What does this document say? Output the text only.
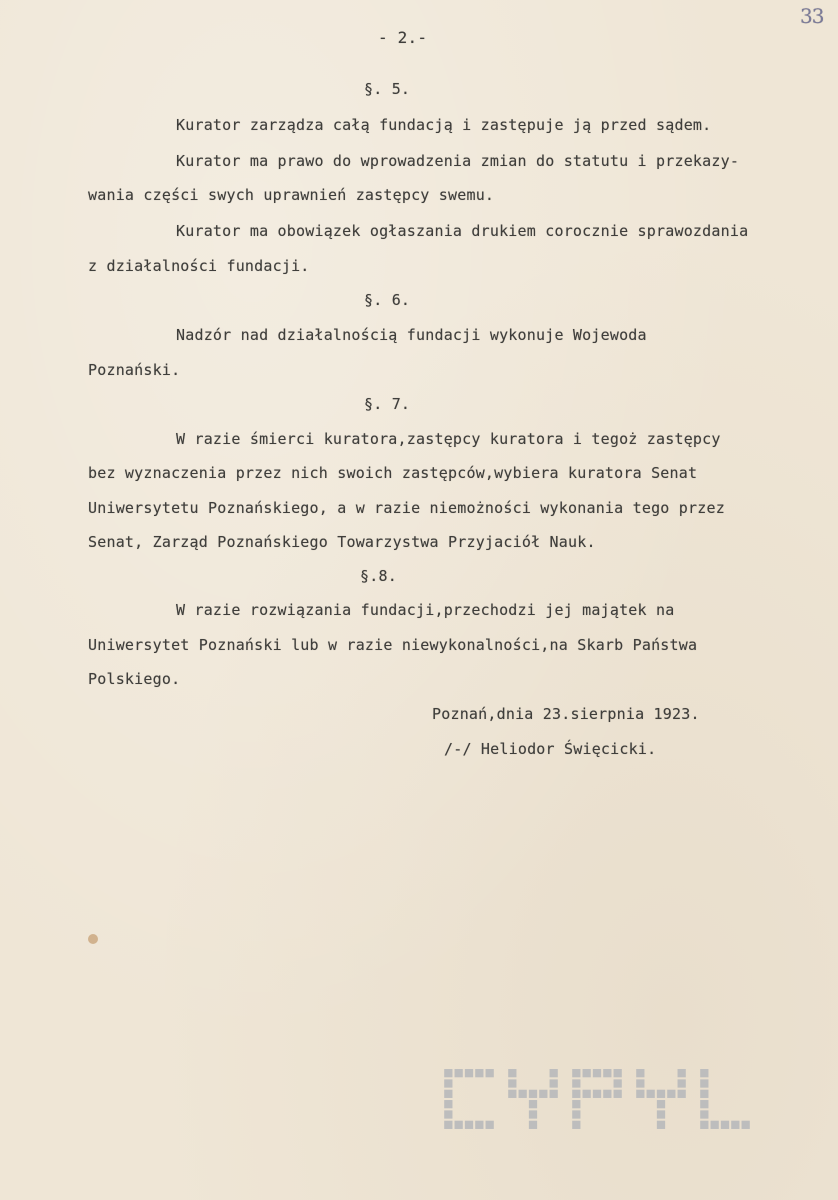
33
- 2.-
§. 5.
Kurator zarządza całą fundacją i zastępuje ją przed sądem.
Kurator ma prawo do wprowadzenia zmian do statutu i przekazy-
wania części swych uprawnień zastępcy swemu.
Kurator ma obowiązek ogłaszania drukiem corocznie sprawozdania
z działalności fundacji.
§. 6.
Nadzór nad działalnością fundacji wykonuje Wojewoda
Poznański.
§. 7.
W razie śmierci kuratora,zastępcy kuratora i tegoż zastępcy
bez wyznaczenia przez nich swoich zastępców,wybiera kuratora Senat
Uniwersytetu Poznańskiego, a w razie niemożności wykonania tego przez
Senat, Zarząd Poznańskiego Towarzystwa Przyjaciół Nauk.
§.8.
W razie rozwiązania fundacji,przechodzi jej majątek na
Uniwersytet Poznański lub w razie niewykonalności,na Skarb Państwa
Polskiego.
Poznań,dnia 23.sierpnia 1923.
/-/ Heliodor Święcicki.
